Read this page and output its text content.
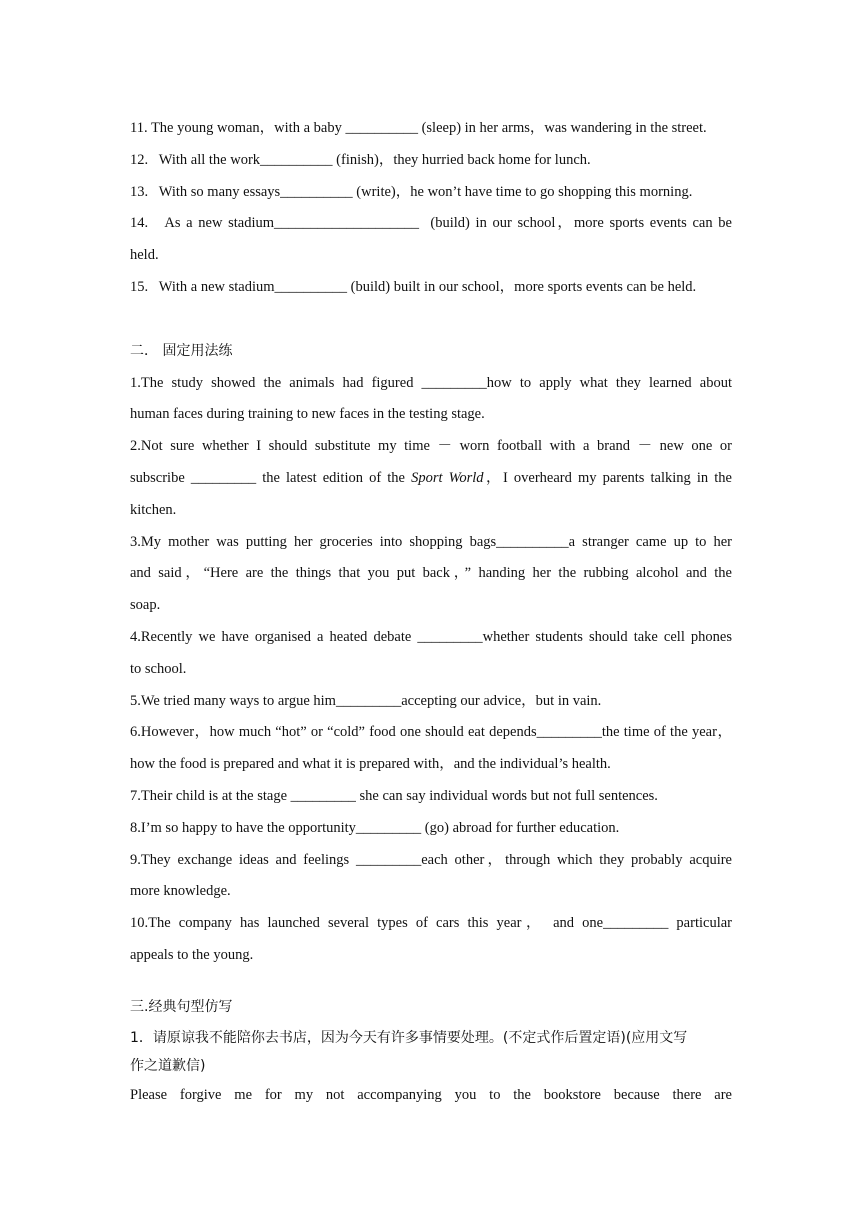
11. The young woman，with a baby __________ (sleep) in her arms，was wandering in the street.
12.   With all the work__________ (finish)，they hurried back home for lunch.
13.   With so many essays__________ (write)，he won’t have time to go shopping this morning.
14.   As a new stadium____________________  (build) in our school，more sports events can be
held.
15.   With a new stadium__________ (build) built in our school，more sports events can be held.
二． 固定用法练
1.The study showed the animals had figured _________how to apply what they learned about
human faces during training to new faces in the testing stage.
2.Not sure whether I should substitute my time － worn football with a brand － new one or
subscribe _________ the latest edition of the Sport World，I overheard my parents talking in the
kitchen.
3.My mother was putting her groceries into shopping bags__________a stranger came up to her
and said，“Here are the things that you put back，” handing her the rubbing alcohol and the
soap.
4.Recently we have organised a heated debate _________whether students should take cell phones
to school.
5.We tried many ways to argue him_________accepting our advice，but in vain.
6.However，how much “hot” or “cold” food one should eat depends_________the time of the year，
how the food is prepared and what it is prepared with，and the individual’s health.
7.Their child is at the stage _________ she can say individual words but not full sentences.
8.I’m so happy to have the opportunity_________ (go) abroad for further education.
9.They exchange ideas and feelings _________each other，through which they probably acquire
more knowledge.
10.The company has launched several types of cars this year， and one_________ particular
appeals to the young.
三.经典句型仿写
1．请原谅我不能陪你去书店，因为今天有许多事情要处理。(不定式作后置定语)(应用文写
作之道歉信)
Please forgive me for my not accompanying you to the bookstore because there are
